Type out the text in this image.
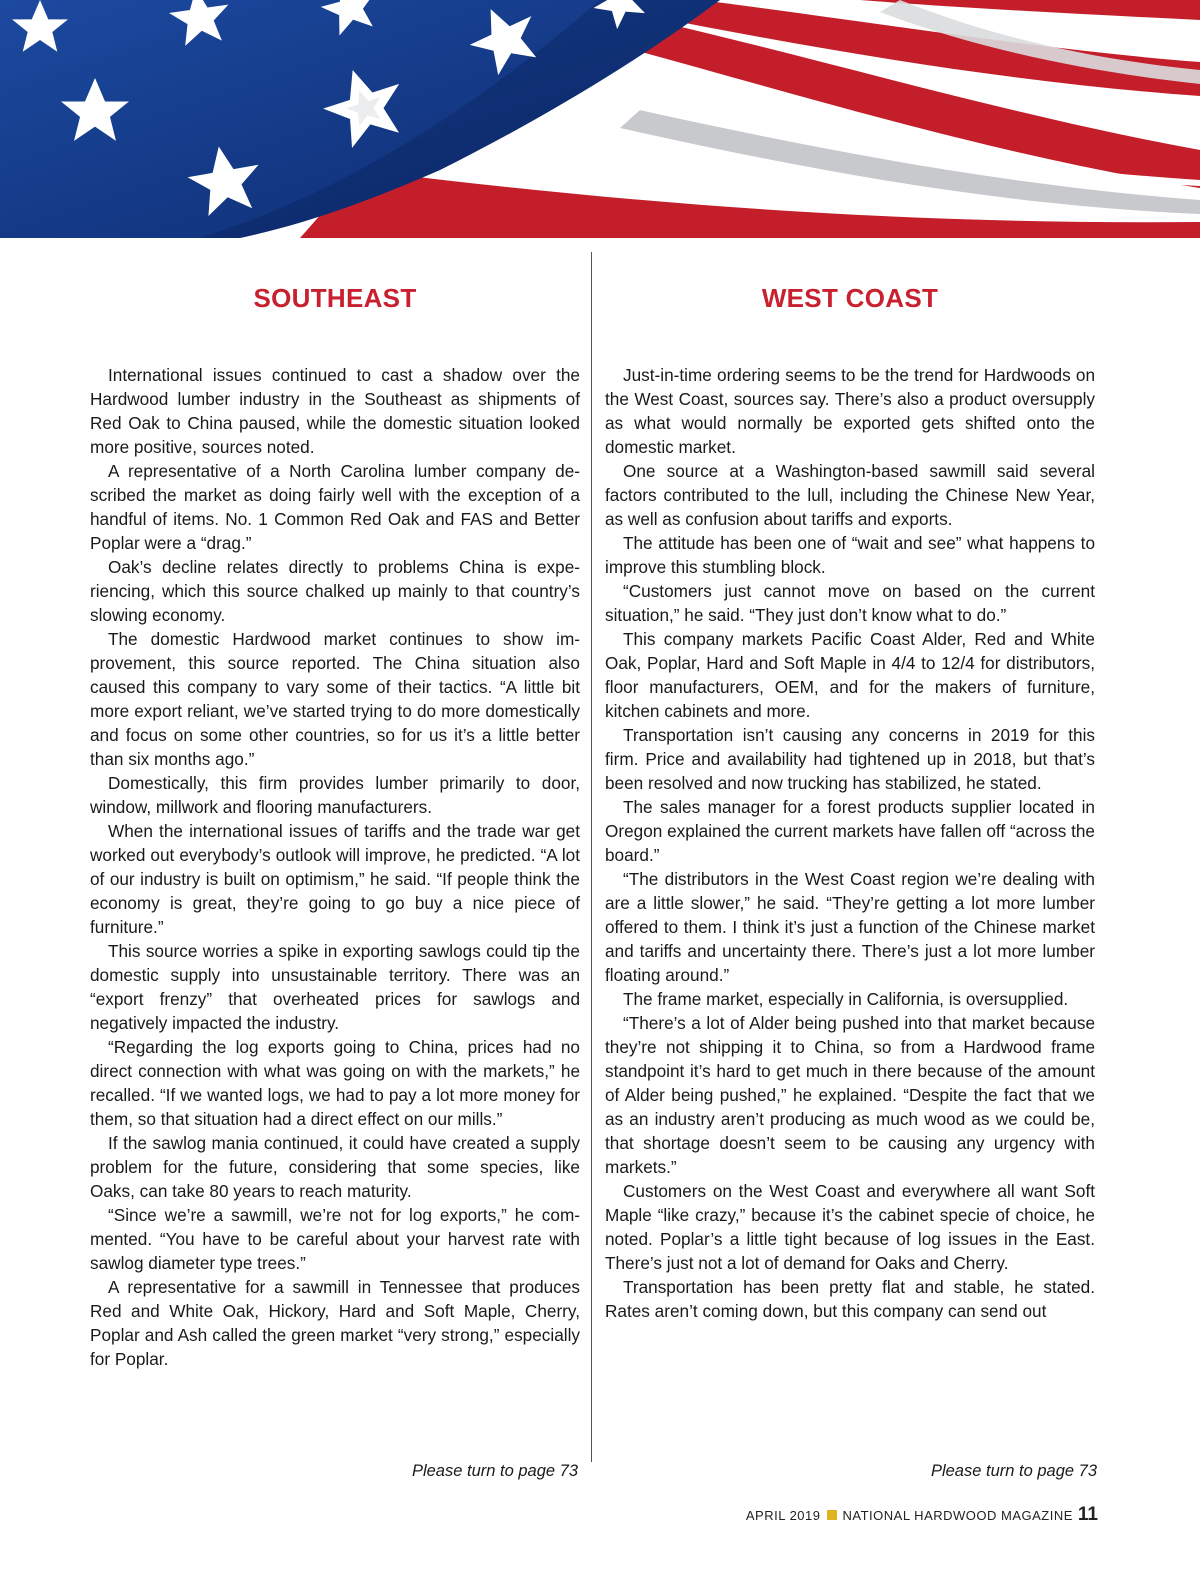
SOUTHEAST	WEST COAST

International issues continued to cast a shadow over the Hardwood lumber industry in the Southeast as shipments of Red Oak to China paused, while the domestic situation looked more positive, sources noted.

A representative of a North Carolina lumber company described the market as doing fairly well with the exception of a handful of items. No. 1 Common Red Oak and FAS and Better Poplar were a “drag.”

Oak’s decline relates directly to problems China is experiencing, which this source chalked up mainly to that country’s slowing economy.

The domestic Hardwood market continues to show improvement, this source reported. The China situation also caused this company to vary some of their tactics. “A little bit more export reliant, we’ve started trying to do more domestically and focus on some other countries, so for us it’s a little better than six months ago.”

Domestically, this firm provides lumber primarily to door, window, millwork and flooring manufacturers.

When the international issues of tariffs and the trade war get worked out everybody’s outlook will improve, he predicted. “A lot of our industry is built on optimism,” he said. “If people think the economy is great, they’re going to go buy a nice piece of furniture.”

This source worries a spike in exporting sawlogs could tip the domestic supply into unsustainable territory. There was an “export frenzy” that overheated prices for sawlogs and negatively impacted the industry.

“Regarding the log exports going to China, prices had no direct connection with what was going on with the markets,” he recalled. “If we wanted logs, we had to pay a lot more money for them, so that situation had a direct effect on our mills.”

If the sawlog mania continued, it could have created a supply problem for the future, considering that some species, like Oaks, can take 80 years to reach maturity.

“Since we’re a sawmill, we’re not for log exports,” he commented. “You have to be careful about your harvest rate with sawlog diameter type trees.”

A representative for a sawmill in Tennessee that produces Red and White Oak, Hickory, Hard and Soft Maple, Cherry, Poplar and Ash called the green market “very strong,” especially for Poplar.

Just-in-time ordering seems to be the trend for Hardwoods on the West Coast, sources say. There’s also a product oversupply as what would normally be exported gets shifted onto the domestic market.

One source at a Washington-based sawmill said several factors contributed to the lull, including the Chinese New Year, as well as confusion about tariffs and exports.

The attitude has been one of “wait and see” what happens to improve this stumbling block.

“Customers just cannot move on based on the current situation,” he said. “They just don’t know what to do.”

This company markets Pacific Coast Alder, Red and White Oak, Poplar, Hard and Soft Maple in 4/4 to 12/4 for distributors, floor manufacturers, OEM, and for the makers of furniture, kitchen cabinets and more.

Transportation isn’t causing any concerns in 2019 for this firm. Price and availability had tightened up in 2018, but that’s been resolved and now trucking has stabilized, he stated.

The sales manager for a forest products supplier located in Oregon explained the current markets have fallen off “across the board.”

“The distributors in the West Coast region we’re dealing with are a little slower,” he said. “They’re getting a lot more lumber offered to them. I think it’s just a function of the Chinese market and tariffs and uncertainty there. There’s just a lot more lumber floating around.”

The frame market, especially in California, is oversupplied.

“There’s a lot of Alder being pushed into that market because they’re not shipping it to China, so from a Hardwood frame standpoint it’s hard to get much in there because of the amount of Alder being pushed,” he explained. “Despite the fact that we as an industry aren’t producing as much wood as we could be, that shortage doesn’t seem to be causing any urgency with markets.”

Customers on the West Coast and everywhere all want Soft Maple “like crazy,” because it’s the cabinet specie of choice, he noted. Poplar’s a little tight because of log issues in the East. There’s just not a lot of demand for Oaks and Cherry.

Transportation has been pretty flat and stable, he stated. Rates aren’t coming down, but this company can send out

Please turn to page 73	Please turn to page 73
APRIL 2019 NATIONAL HARDWOOD MAGAZINE 11
